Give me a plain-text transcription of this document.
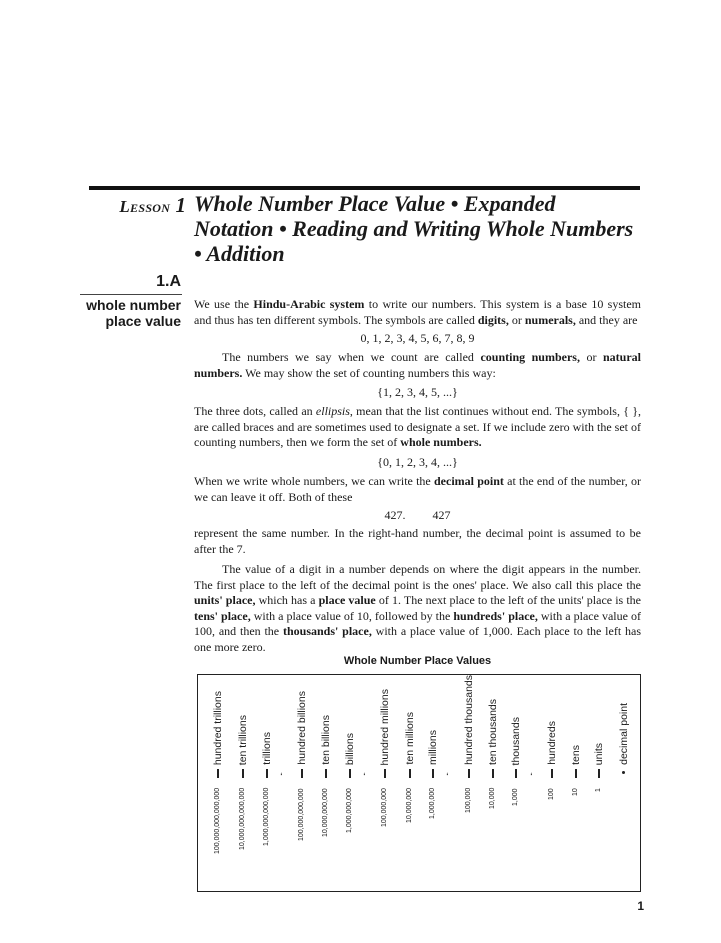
Lesson 1 Whole Number Place Value • Expanded Notation • Reading and Writing Whole Numbers • Addition
1.A
whole number place value
We use the Hindu-Arabic system to write our numbers. This system is a base 10 system and thus has ten different symbols. The symbols are called digits, or numerals, and they are
0, 1, 2, 3, 4, 5, 6, 7, 8, 9
The numbers we say when we count are called counting numbers, or natural numbers. We may show the set of counting numbers this way:
{1, 2, 3, 4, 5, ...}
The three dots, called an ellipsis, mean that the list continues without end. The symbols, { }, are called braces and are sometimes used to designate a set. If we include zero with the set of counting numbers, then we form the set of whole numbers.
{0, 1, 2, 3, 4, ...}
When we write whole numbers, we can write the decimal point at the end of the number, or we can leave it off. Both of these
427. 427
represent the same number. In the right-hand number, the decimal point is assumed to be after the 7.
The value of a digit in a number depends on where the digit appears in the number. The first place to the left of the decimal point is the ones' place. We also call this place the units' place, which has a place value of 1. The next place to the left of the units' place is the tens' place, with a place value of 10, followed by the hundreds' place, with a place value of 100, and then the thousands' place, with a place value of 1,000. Each place to the left has one more zero.
Whole Number Place Values
hundred trillions
100,000,000,000,000
ten trillions
10,000,000,000,000
trillions
1,000,000,000,000
hundred billions
100,000,000,000
ten billions
10,000,000,000
billions
1,000,000,000
hundred millions
100,000,000
ten millions
10,000,000
millions
1,000,000
hundred thousands
100,000
ten thousands
10,000
thousands
1,000
hundreds
100
tens
10
units
1
decimal point
,	,	,	,
1
